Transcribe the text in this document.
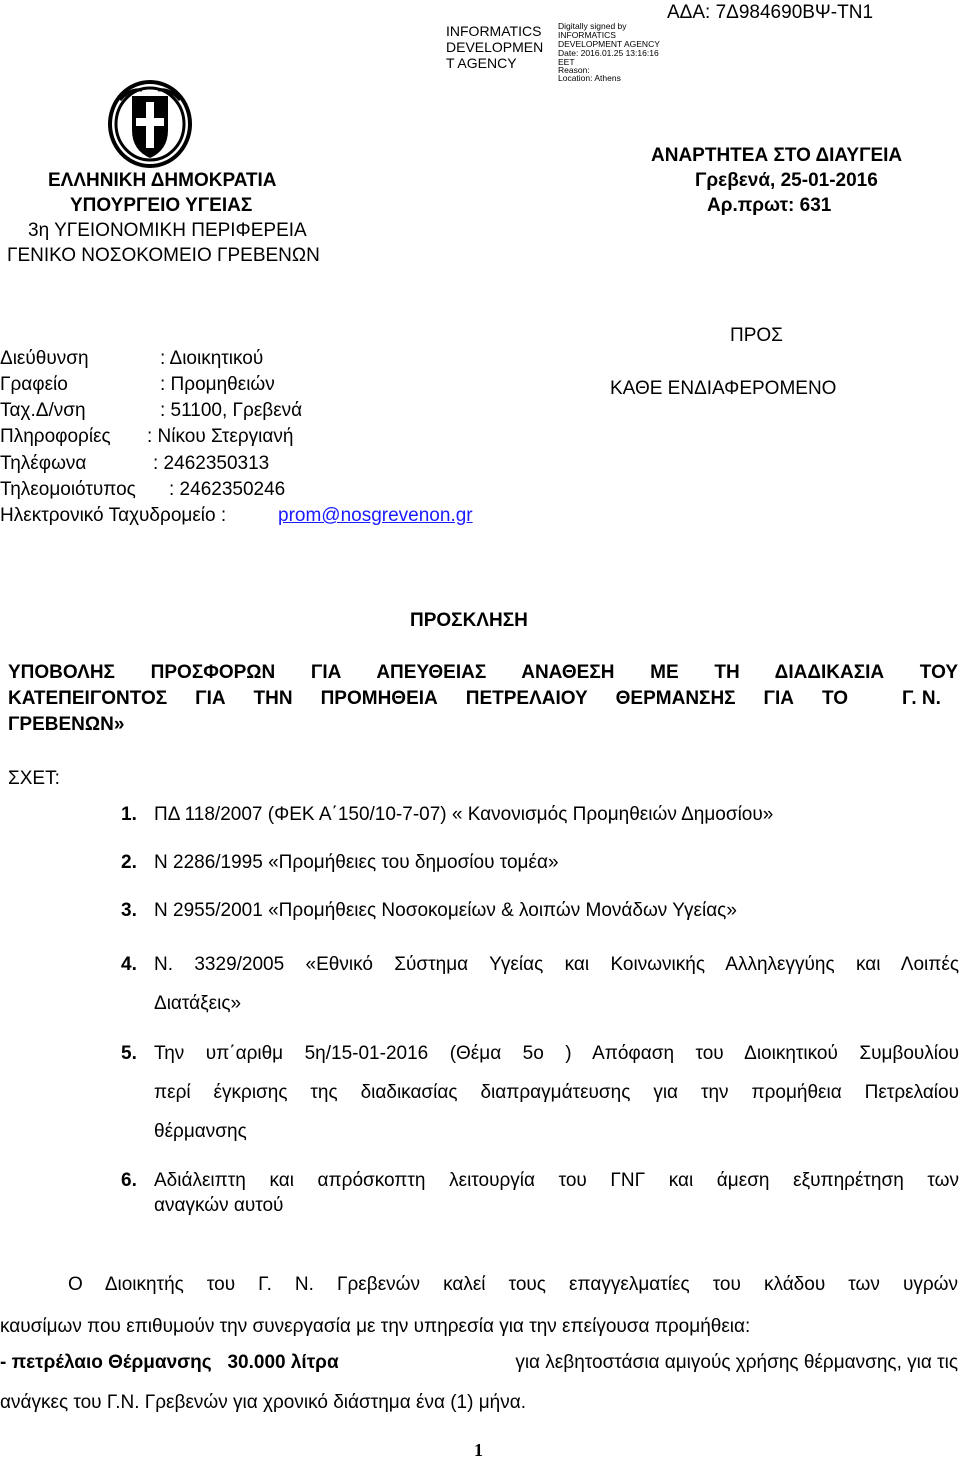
INFORMATICS
DEVELOPMEN
T AGENCY
Digitally signed by
INFORMATICS
DEVELOPMENT AGENCY
Date: 2016.01.25 13:16:16
EET
Reason:
Location: Athens
ΑΔΑ: 7Δ984690ΒΨ-ΤΝ1
ΕΛΛΗΝΙΚΗ ΔΗΜΟΚΡΑΤΙΑ
ΥΠΟΥΡΓΕΙΟ ΥΓΕΙΑΣ
3η ΥΓΕΙΟΝΟΜΙΚΗ ΠΕΡΙΦΕΡΕΙΑ
ΓΕΝΙΚΟ ΝΟΣΟΚΟΜΕΙΟ ΓΡΕΒΕΝΩΝ
ΑΝΑΡΤΗΤΕΑ ΣΤΟ ΔΙΑΥΓΕΙΑ
Γρεβενά, 25-01-2016
Αρ.πρωτ: 631
Διεύθυνση	: Διοικητικού
Γραφείο	: Προμηθειών
Ταχ.Δ/νση	: 51100, Γρεβενά
Πληροφορίες : Νίκου Στεργιανή
Τηλέφωνα	: 2462350313
Τηλεομοιότυπος : 2462350246
Ηλεκτρονικό Ταχυδρομείο :	prom@nosgrevenon.gr
ΠΡΟΣ
ΚΑΘΕ ΕΝΔΙΑΦΕΡΟΜΕΝΟ
ΠΡΟΣΚΛΗΣΗ
ΥΠΟΒΟΛΗΣ ΠΡΟΣΦΟΡΩΝ ΓΙΑ ΑΠΕΥΘΕΙΑΣ ΑΝΑΘΕΣΗ ΜΕ ΤΗ ΔΙΑΔΙΚΑΣΙΑ ΤΟΥ
ΚΑΤΕΠΕΙΓΟΝΤΟΣ ΓΙΑ ΤΗΝ ΠΡΟΜΗΘΕΙΑ ΠΕΤΡΕΛΑΙΟΥ ΘΕΡΜΑΝΣΗΣ ΓΙΑ ΤΟ	Γ. Ν.
ΓΡΕΒΕΝΩΝ»
ΣΧΕΤ:
1. ΠΔ 118/2007 (ΦΕΚ Α΄150/10-7-07) « Κανονισμός Προμηθειών Δημοσίου»
2. Ν 2286/1995 «Προμήθειες του δημοσίου τομέα»
3. Ν 2955/2001 «Προμήθειες Νοσοκομείων & λοιπών Μονάδων Υγείας»
4. Ν. 3329/2005 «Εθνικό Σύστημα Υγείας και Κοινωνικής Αλληλεγγύης και Λοιπές
Διατάξεις»
5. Την υπ΄αριθμ 5η/15-01-2016 (Θέμα 5ο ) Απόφαση του Διοικητικού Συμβουλίου
περί έγκρισης της διαδικασίας διαπραγμάτευσης για την προμήθεια Πετρελαίου
θέρμανσης
6. Αδιάλειπτη και απρόσκοπτη λειτουργία του ΓΝΓ και άμεση εξυπηρέτηση των
αναγκών αυτού
Ο Διοικητής του Γ. Ν. Γρεβενών καλεί τους επαγγελματίες του κλάδου των υγρών
καυσίμων που επιθυμούν την συνεργασία με την υπηρεσία για την επείγουσα προμήθεια:
- πετρέλαιο Θέρμανσης 30.000 λίτρα	για λεβητοστάσια αμιγούς χρήσης θέρμανσης, για τις
ανάγκες του Γ.Ν. Γρεβενών για χρονικό διάστημα ένα (1) μήνα.
1
